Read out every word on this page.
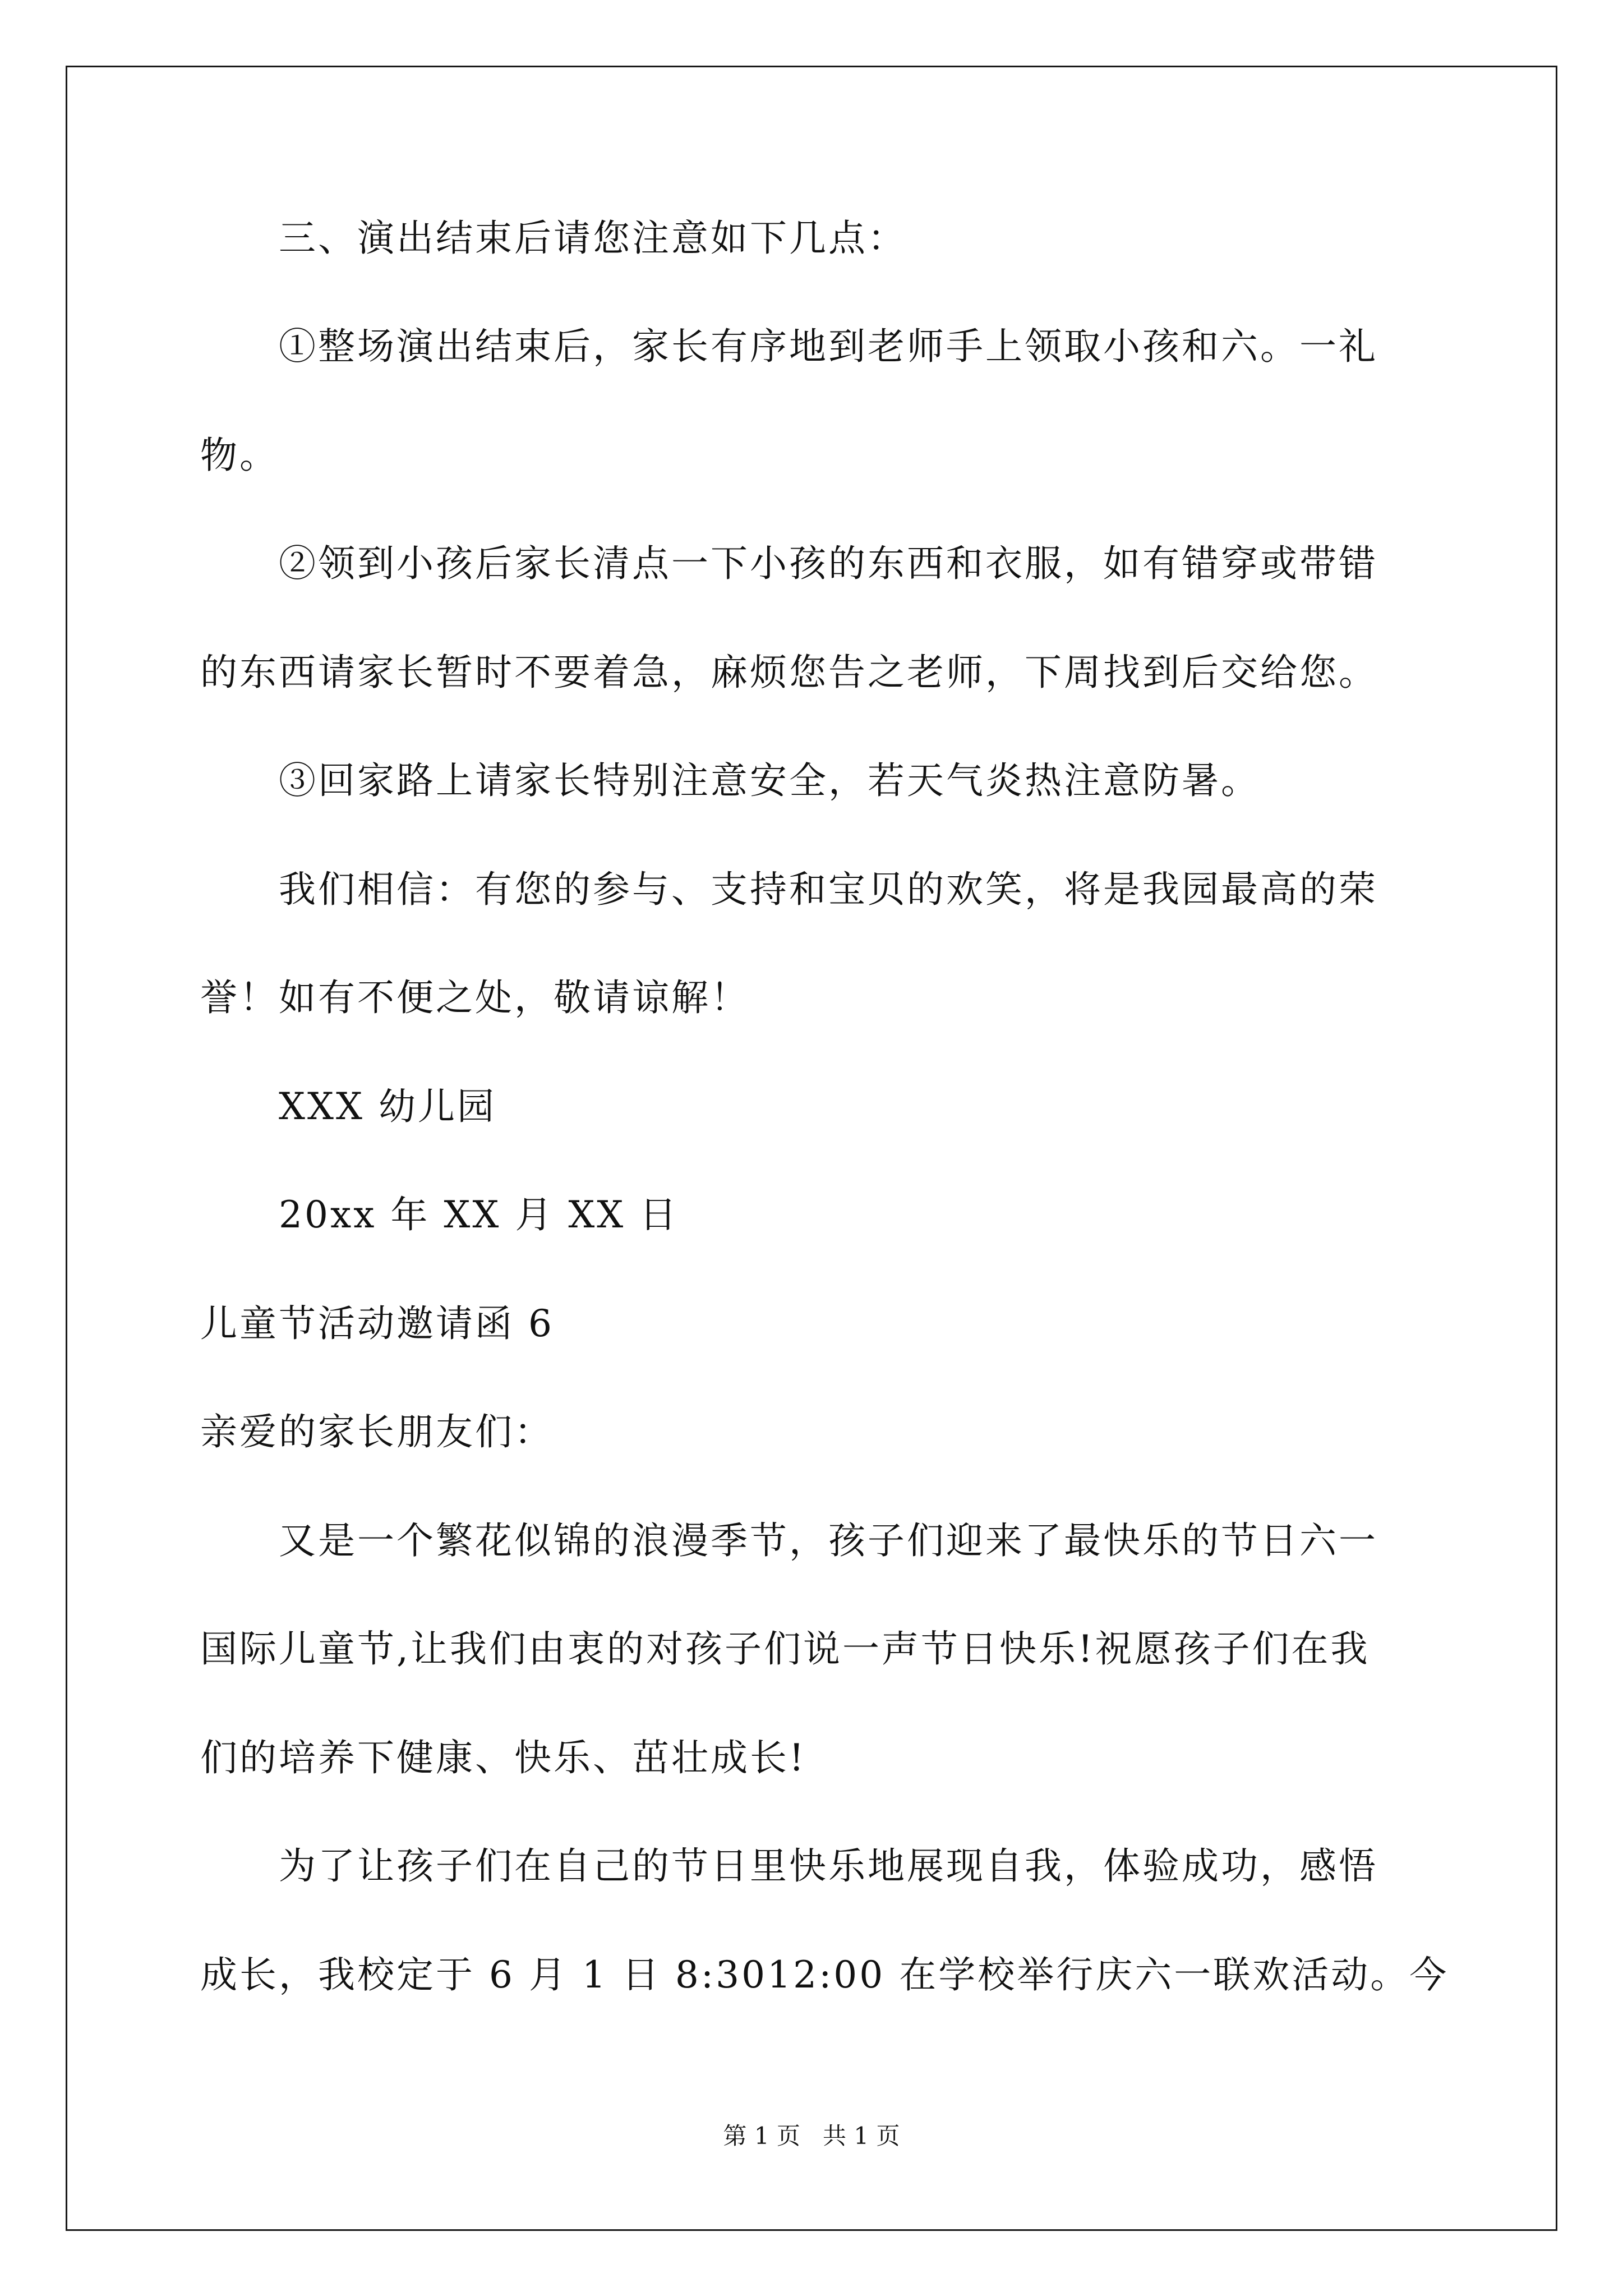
三、演出结束后请您注意如下几点：
①整场演出结束后，家长有序地到老师手上领取小孩和六。一礼
物。
②领到小孩后家长清点一下小孩的东西和衣服，如有错穿或带错
的东西请家长暂时不要着急，麻烦您告之老师，下周找到后交给您。
③回家路上请家长特别注意安全，若天气炎热注意防暑。
我们相信：有您的参与、支持和宝贝的欢笑，将是我园最高的荣
誉！如有不便之处，敬请谅解！
XXX 幼儿园
20xx 年 XX 月 XX 日
儿童节活动邀请函 6
亲爱的家长朋友们：
又是一个繁花似锦的浪漫季节，孩子们迎来了最快乐的节日六一
国际儿童节,让我们由衷的对孩子们说一声节日快乐!祝愿孩子们在我
们的培养下健康、快乐、茁壮成长!
为了让孩子们在自己的节日里快乐地展现自我，体验成功，感悟
成长，我校定于 6 月 1 日 8:3012:00 在学校举行庆六一联欢活动。今
第 1 页   共 1 页
